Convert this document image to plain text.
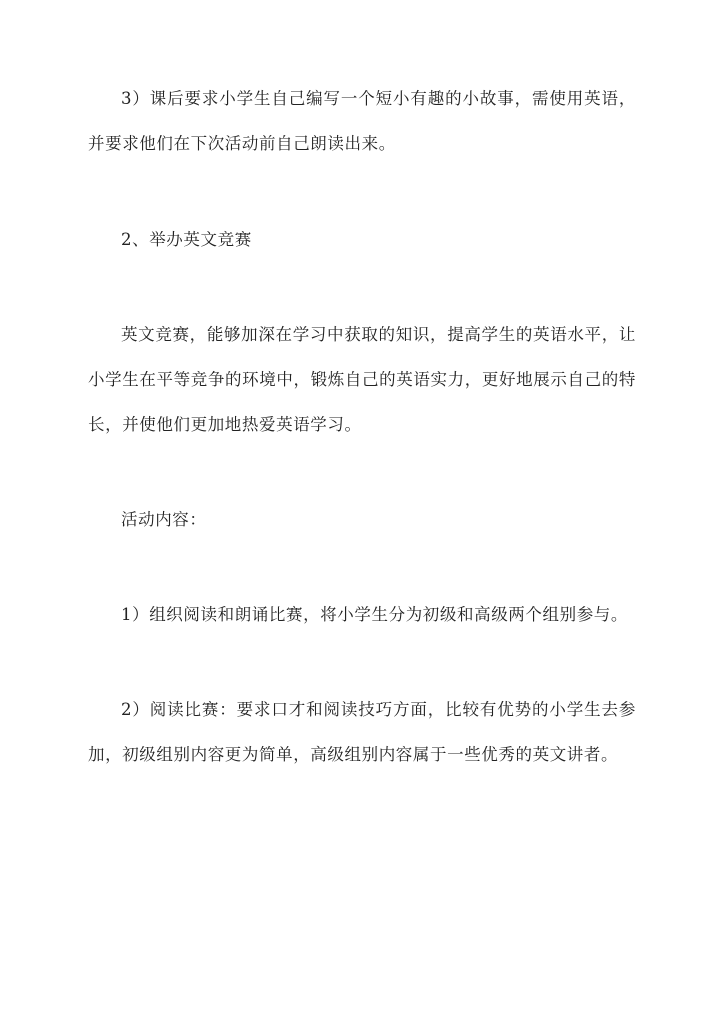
3）课后要求小学生自己编写一个短小有趣的小故事，需使用英语，并要求他们在下次活动前自己朗读出来。

2、举办英文竞赛

英文竞赛，能够加深在学习中获取的知识，提高学生的英语水平，让小学生在平等竞争的环境中，锻炼自己的英语实力，更好地展示自己的特长，并使他们更加地热爱英语学习。

活动内容：

1）组织阅读和朗诵比赛，将小学生分为初级和高级两个组别参与。

2）阅读比赛：要求口才和阅读技巧方面，比较有优势的小学生去参加，初级组别内容更为简单，高级组别内容属于一些优秀的英文讲者。
